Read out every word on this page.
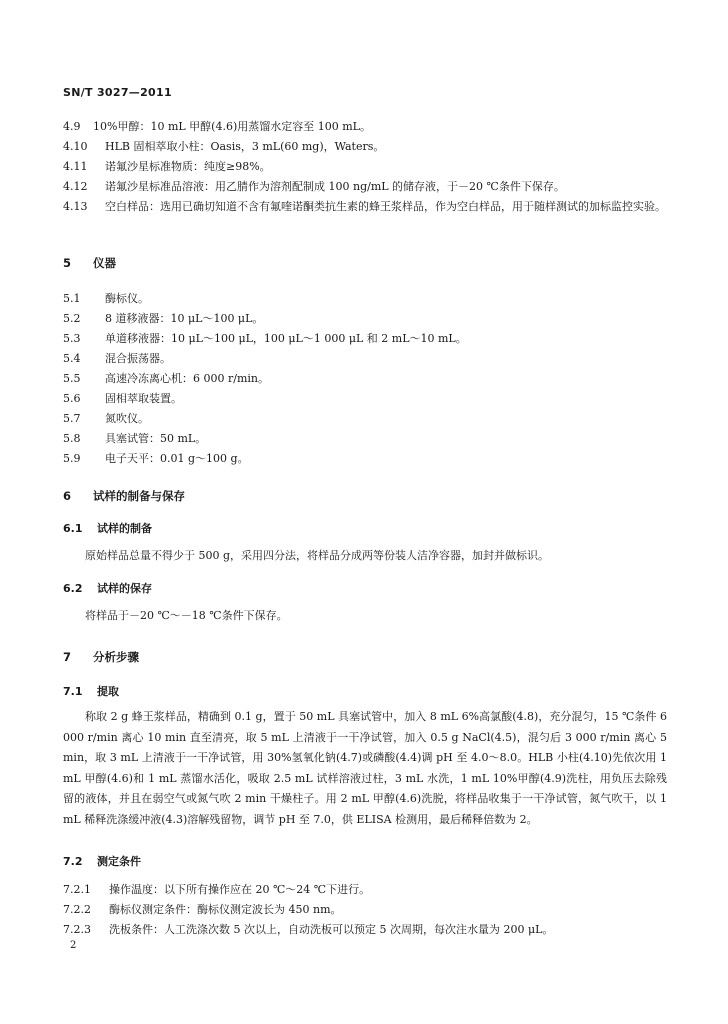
SN/T 3027—2011
4.9 10%甲醇：10 mL 甲醇(4.6)用蒸馏水定容至 100 mL。
4.10 HLB 固相萃取小柱：Oasis，3 mL(60 mg)，Waters。
4.11 诺氟沙星标准物质：纯度≥98%。
4.12 诺氟沙星标准品溶液：用乙腈作为溶剂配制成 100 ng/mL 的储存液，于－20 ℃条件下保存。
4.13 空白样品：选用已确切知道不含有氟喹诺酮类抗生素的蜂王浆样品，作为空白样品，用于随样测试的加标监控实验。
5 仪器
5.1 酶标仪。
5.2 8 道移液器：10 μL～100 μL。
5.3 单道移液器：10 μL～100 μL，100 μL～1 000 μL 和 2 mL～10 mL。
5.4 混合振荡器。
5.5 高速冷冻离心机：6 000 r/min。
5.6 固相萃取装置。
5.7 氮吹仪。
5.8 具塞试管：50 mL。
5.9 电子天平：0.01 g～100 g。
6 试样的制备与保存
6.1 试样的制备
原始样品总量不得少于 500 g，采用四分法，将样品分成两等份装人洁净容器，加封并做标识。
6.2 试样的保存
将样品于－20 ℃～－18 ℃条件下保存。
7 分析步骤
7.1 提取
称取 2 g 蜂王浆样品，精确到 0.1 g，置于 50 mL 具塞试管中，加入 8 mL 6%高氯酸(4.8)，充分混匀，15 ℃条件 6 000 r/min 离心 10 min 直至清亮，取 5 mL 上清液于一干净试管，加入 0.5 g NaCl(4.5)，混匀后 3 000 r/min 离心 5 min，取 3 mL 上清液于一干净试管，用 30%氢氧化钠(4.7)或磷酸(4.4)调 pH 至 4.0～8.0。HLB 小柱(4.10)先依次用 1 mL 甲醇(4.6)和 1 mL 蒸馏水活化，吸取 2.5 mL 试样溶液过柱，3 mL 水洗，1 mL 10%甲醇(4.9)洗柱，用负压去除残留的液体，并且在弱空气或氮气吹 2 min 干燥柱子。用 2 mL 甲醇(4.6)洗脱，将样品收集于一干净试管，氮气吹干，以 1 mL 稀释洗涤缓冲液(4.3)溶解残留物，调节 pH 至 7.0，供 ELISA 检测用，最后稀释倍数为 2。
7.2 测定条件
7.2.1 操作温度：以下所有操作应在 20 ℃～24 ℃下进行。
7.2.2 酶标仪测定条件：酶标仪测定波长为 450 nm。
7.2.3 洗板条件：人工洗涤次数 5 次以上，自动洗板可以预定 5 次周期，每次注水量为 200 μL。
2
